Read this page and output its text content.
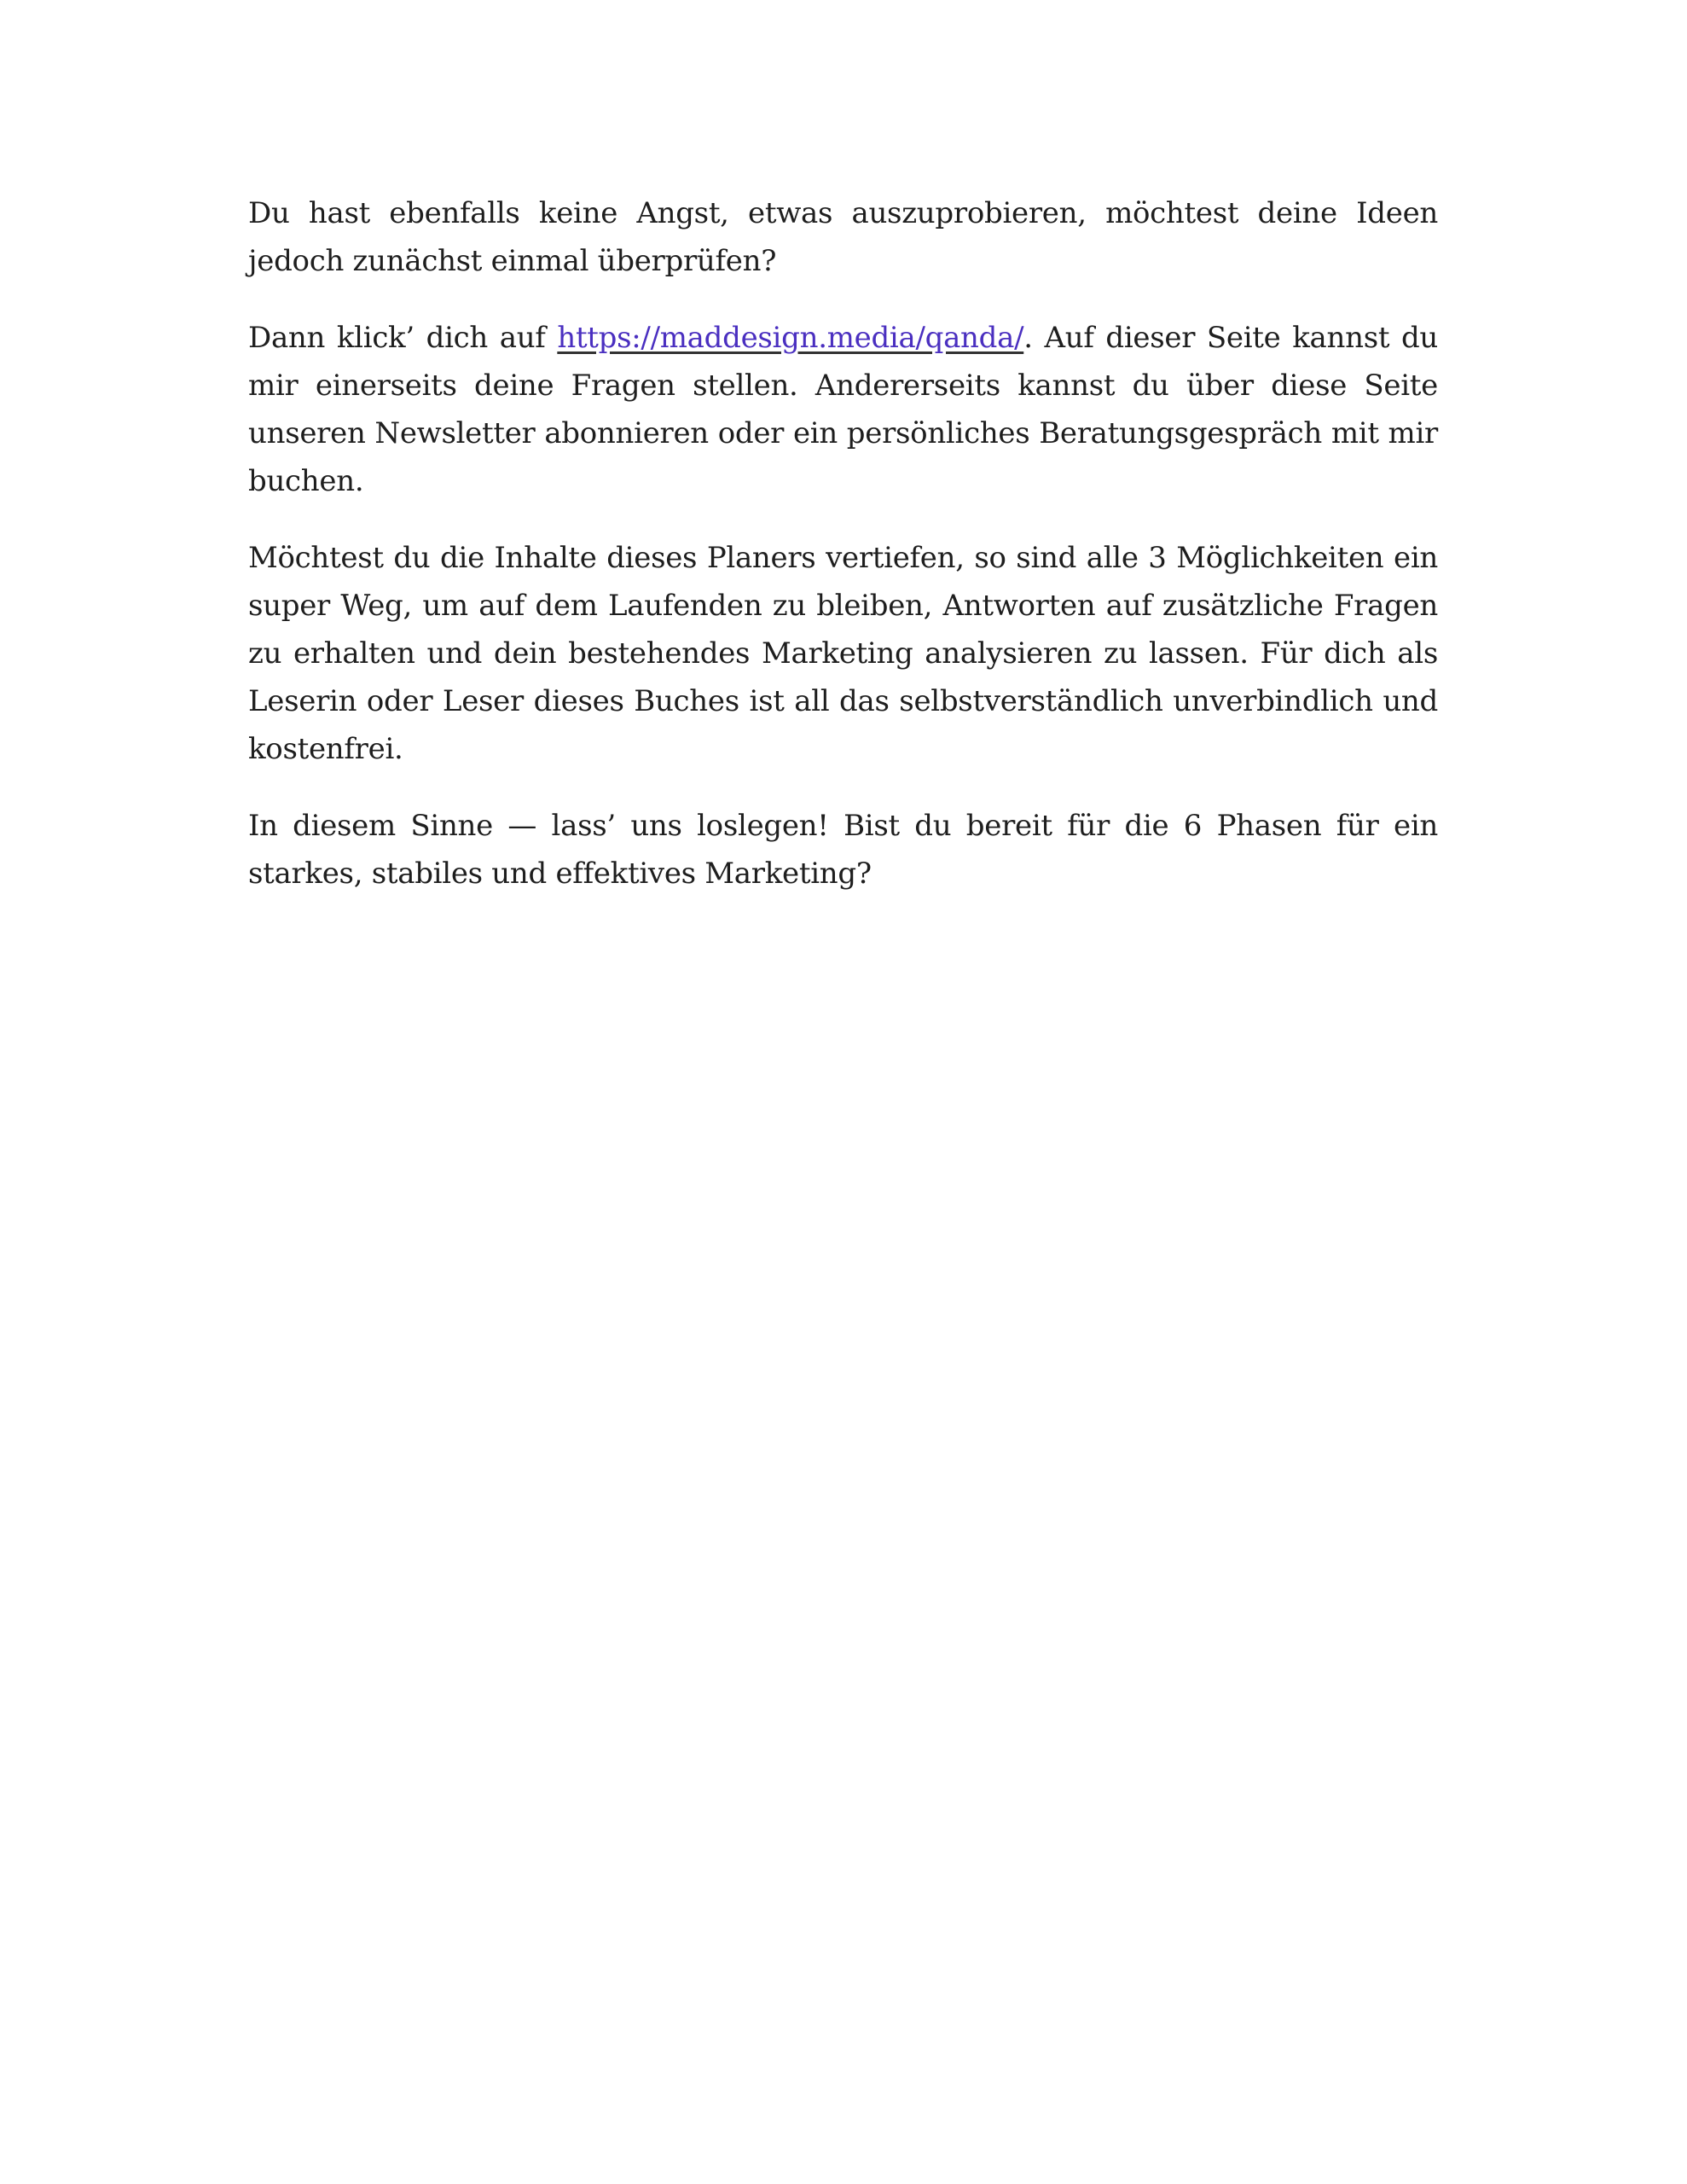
Du hast ebenfalls keine Angst, etwas auszuprobieren, möchtest deine Ideen jedoch zunächst einmal überprüfen?

Dann klick’ dich auf https://maddesign.media/qanda/. Auf dieser Seite kannst du mir einerseits deine Fragen stellen. Andererseits kannst du über diese Seite unseren Newsletter abonnieren oder ein persönliches Beratungsgespräch mit mir buchen.

Möchtest du die Inhalte dieses Planers vertiefen, so sind alle 3 Möglichkeiten ein super Weg, um auf dem Laufenden zu bleiben, Antworten auf zusätzliche Fragen zu erhalten und dein bestehendes Marketing analysieren zu lassen. Für dich als Leserin oder Leser dieses Buches ist all das selbstverständlich unverbindlich und kostenfrei.

In diesem Sinne — lass’ uns loslegen! Bist du bereit für die 6 Phasen für ein starkes, stabiles und effektives Marketing?
